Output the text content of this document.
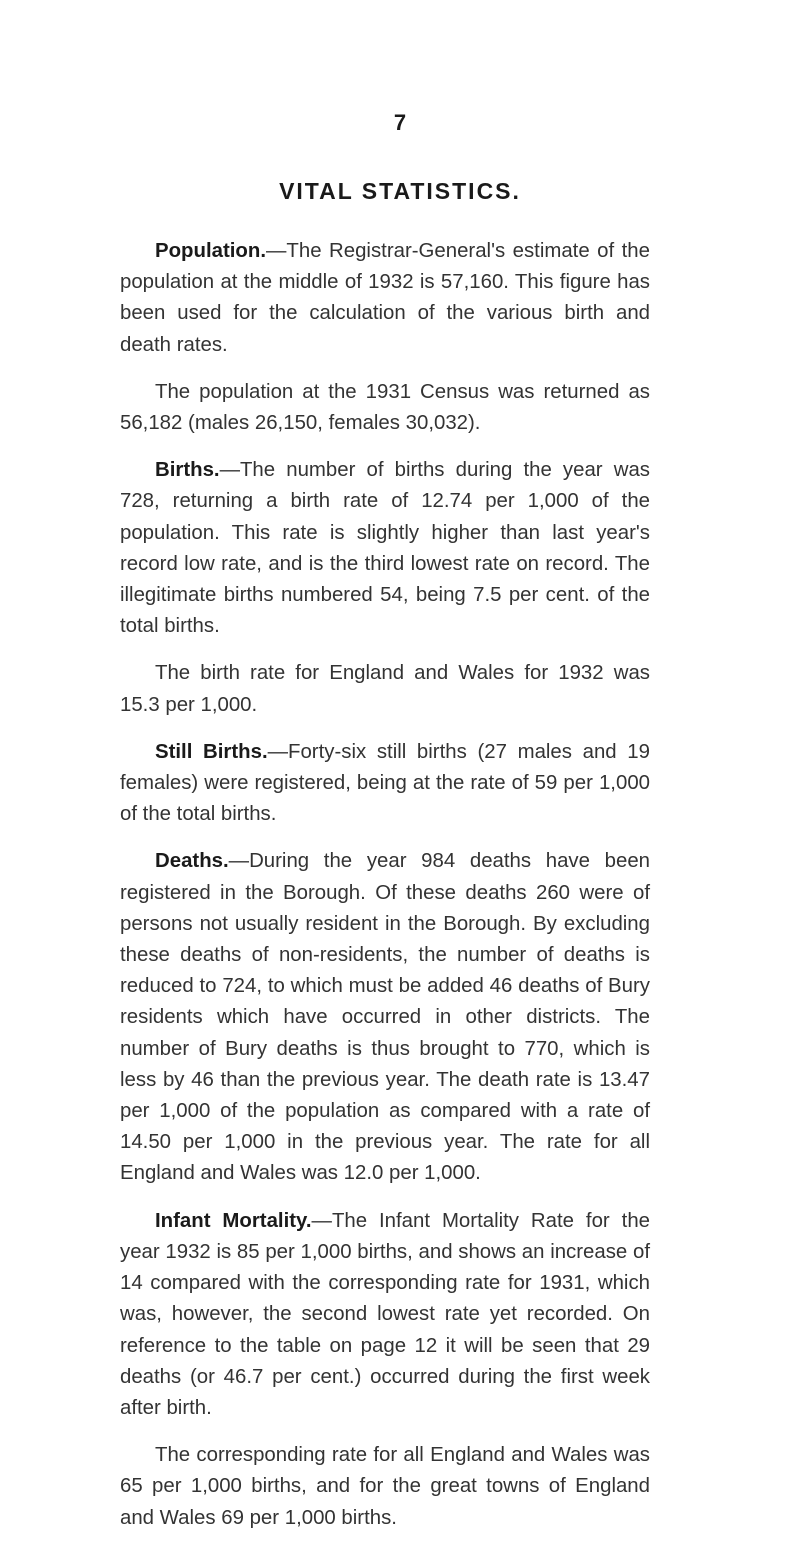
7
VITAL STATISTICS.

Population.—The Registrar-General's estimate of the population at the middle of 1932 is 57,160. This figure has been used for the calculation of the various birth and death rates.

The population at the 1931 Census was returned as 56,182 (males 26,150, females 30,032).

Births.—The number of births during the year was 728, returning a birth rate of 12.74 per 1,000 of the population. This rate is slightly higher than last year's record low rate, and is the third lowest rate on record. The illegitimate births numbered 54, being 7.5 per cent. of the total births.

The birth rate for England and Wales for 1932 was 15.3 per 1,000.

Still Births.—Forty-six still births (27 males and 19 females) were registered, being at the rate of 59 per 1,000 of the total births.

Deaths.—During the year 984 deaths have been registered in the Borough. Of these deaths 260 were of persons not usually resident in the Borough. By excluding these deaths of non-residents, the number of deaths is reduced to 724, to which must be added 46 deaths of Bury residents which have occurred in other districts. The number of Bury deaths is thus brought to 770, which is less by 46 than the previous year. The death rate is 13.47 per 1,000 of the population as compared with a rate of 14.50 per 1,000 in the previous year. The rate for all England and Wales was 12.0 per 1,000.

Infant Mortality.—The Infant Mortality Rate for the year 1932 is 85 per 1,000 births, and shows an increase of 14 compared with the corresponding rate for 1931, which was, however, the second lowest rate yet recorded. On reference to the table on page 12 it will be seen that 29 deaths (or 46.7 per cent.) occurred during the first week after birth.

The corresponding rate for all England and Wales was 65 per 1,000 births, and for the great towns of England and Wales 69 per 1,000 births.
